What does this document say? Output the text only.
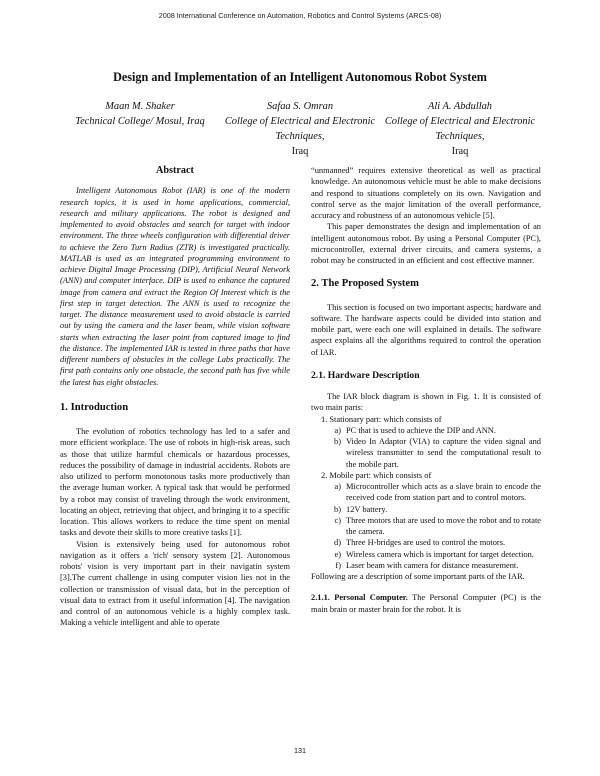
2008 International Conference on Automation, Robotics and Control Systems (ARCS-08)
Design and Implementation of an Intelligent Autonomous Robot System
Maan M. Shaker
Technical College/ Mosul, Iraq
Safaa S. Omran
College of Electrical and Electronic Techniques,
Iraq
Ali A. Abdullah
College of Electrical and Electronic Techniques,
Iraq
Abstract

Intelligent Autonomous Robot (IAR) is one of the modern research topics, it is used in home applications, commercial, research and military applications. The robot is designed and implemented to avoid obstacles and search for target with indoor environment. The three wheels configuration with differential driver to achieve the Zero Turn Radius (ZTR) is investigated practically. MATLAB is used as an integrated programming environment to achieve Digital Image Processing (DIP), Artificial Neural Network (ANN) and computer interface. DIP is used to enhance the captured image from camera and extract the Region Of Interest which is the first step in target detection. The ANN is used to recognize the target. The distance measurement used to avoid obstacle is carried out by using the camera and the laser beam, while vision software starts when extracting the laser point from captured image to find the distance. The implemented IAR is tested in three paths that have different numbers of obstacles in the college Labs practically. The first path contains only one obstacle, the second path has five while the latest has eight obstacles.

1. Introduction

The evolution of robotics technology has led to a safer and more efficient workplace. The use of robots in high-risk areas, such as those that utilize harmful chemicals or hazardous processes, reduces the possibility of damage in industrial accidents. Robots are also utilized to perform monotonous tasks more productively than the average human worker. A typical task that would be performed by a robot may consist of traveling through the work environment, locating an object, retrieving that object, and bringing it to a specific location. This allows workers to reduce the time spent on menial tasks and devote their skills to more creative tasks [1].

Vision is extensively being used for autonomous robot navigation as it offers a 'rich' sensory system [2]. Autonomous robots' vision is very important part in their navigatin system [3].The current challenge in using computer vision lies not in the collection or transmission of visual data, but in the perception of visual data to extract from it useful information [4]. The navigation and control of an autonomous vehicle is a highly complex task. Making a vehicle intelligent and able to operate

“unmanned” requires extensive theoretical as well as practical knowledge. An autonomous vehicle must be able to make decisions and respond to situations completely on its own. Navigation and control serve as the major limitation of the overall performance, accuracy and robustness of an autonomous vehicle [5].

This paper demonstrates the design and implementation of an intelligent autonomous robot. By using a Personal Computer (PC), microcontroller, external driver circuits, and camera systems, a robot may be constructed in an efficient and cost effective manner.

2. The Proposed System

This section is focused on two important aspects; hardware and software. The hardware aspects could be divided into station and mobile part, were each one will explained in details. The software aspect explains all the algorithms required to control the operation of IAR.

2.1. Hardware Description

The IAR block diagram is shown in Fig. 1. It is consisted of two main parts:

1. Stationary part: which consists of
a) PC that is used to achieve the DIP and ANN.
b) Video In Adaptor (VIA) to capture the video signal and wireless transmitter to send the computational result to the mobile part.
2. Mobile part: which consists of
a) Microcontroller which acts as a slave brain to encode the received code from station part and to control motors.
b) 12V battery.
c) Three motors that are used to move the robot and to rotate the camera.
d) Three H-bridges are used to control the motors.
e) Wireless camera which is important for target detection.
f) Laser beam with camera for distance measurement.

Following are a description of some important parts of the IAR.

2.1.1. Personal Computer. The Personal Computer (PC) is the main brain or master brain for the robot. It is

131
